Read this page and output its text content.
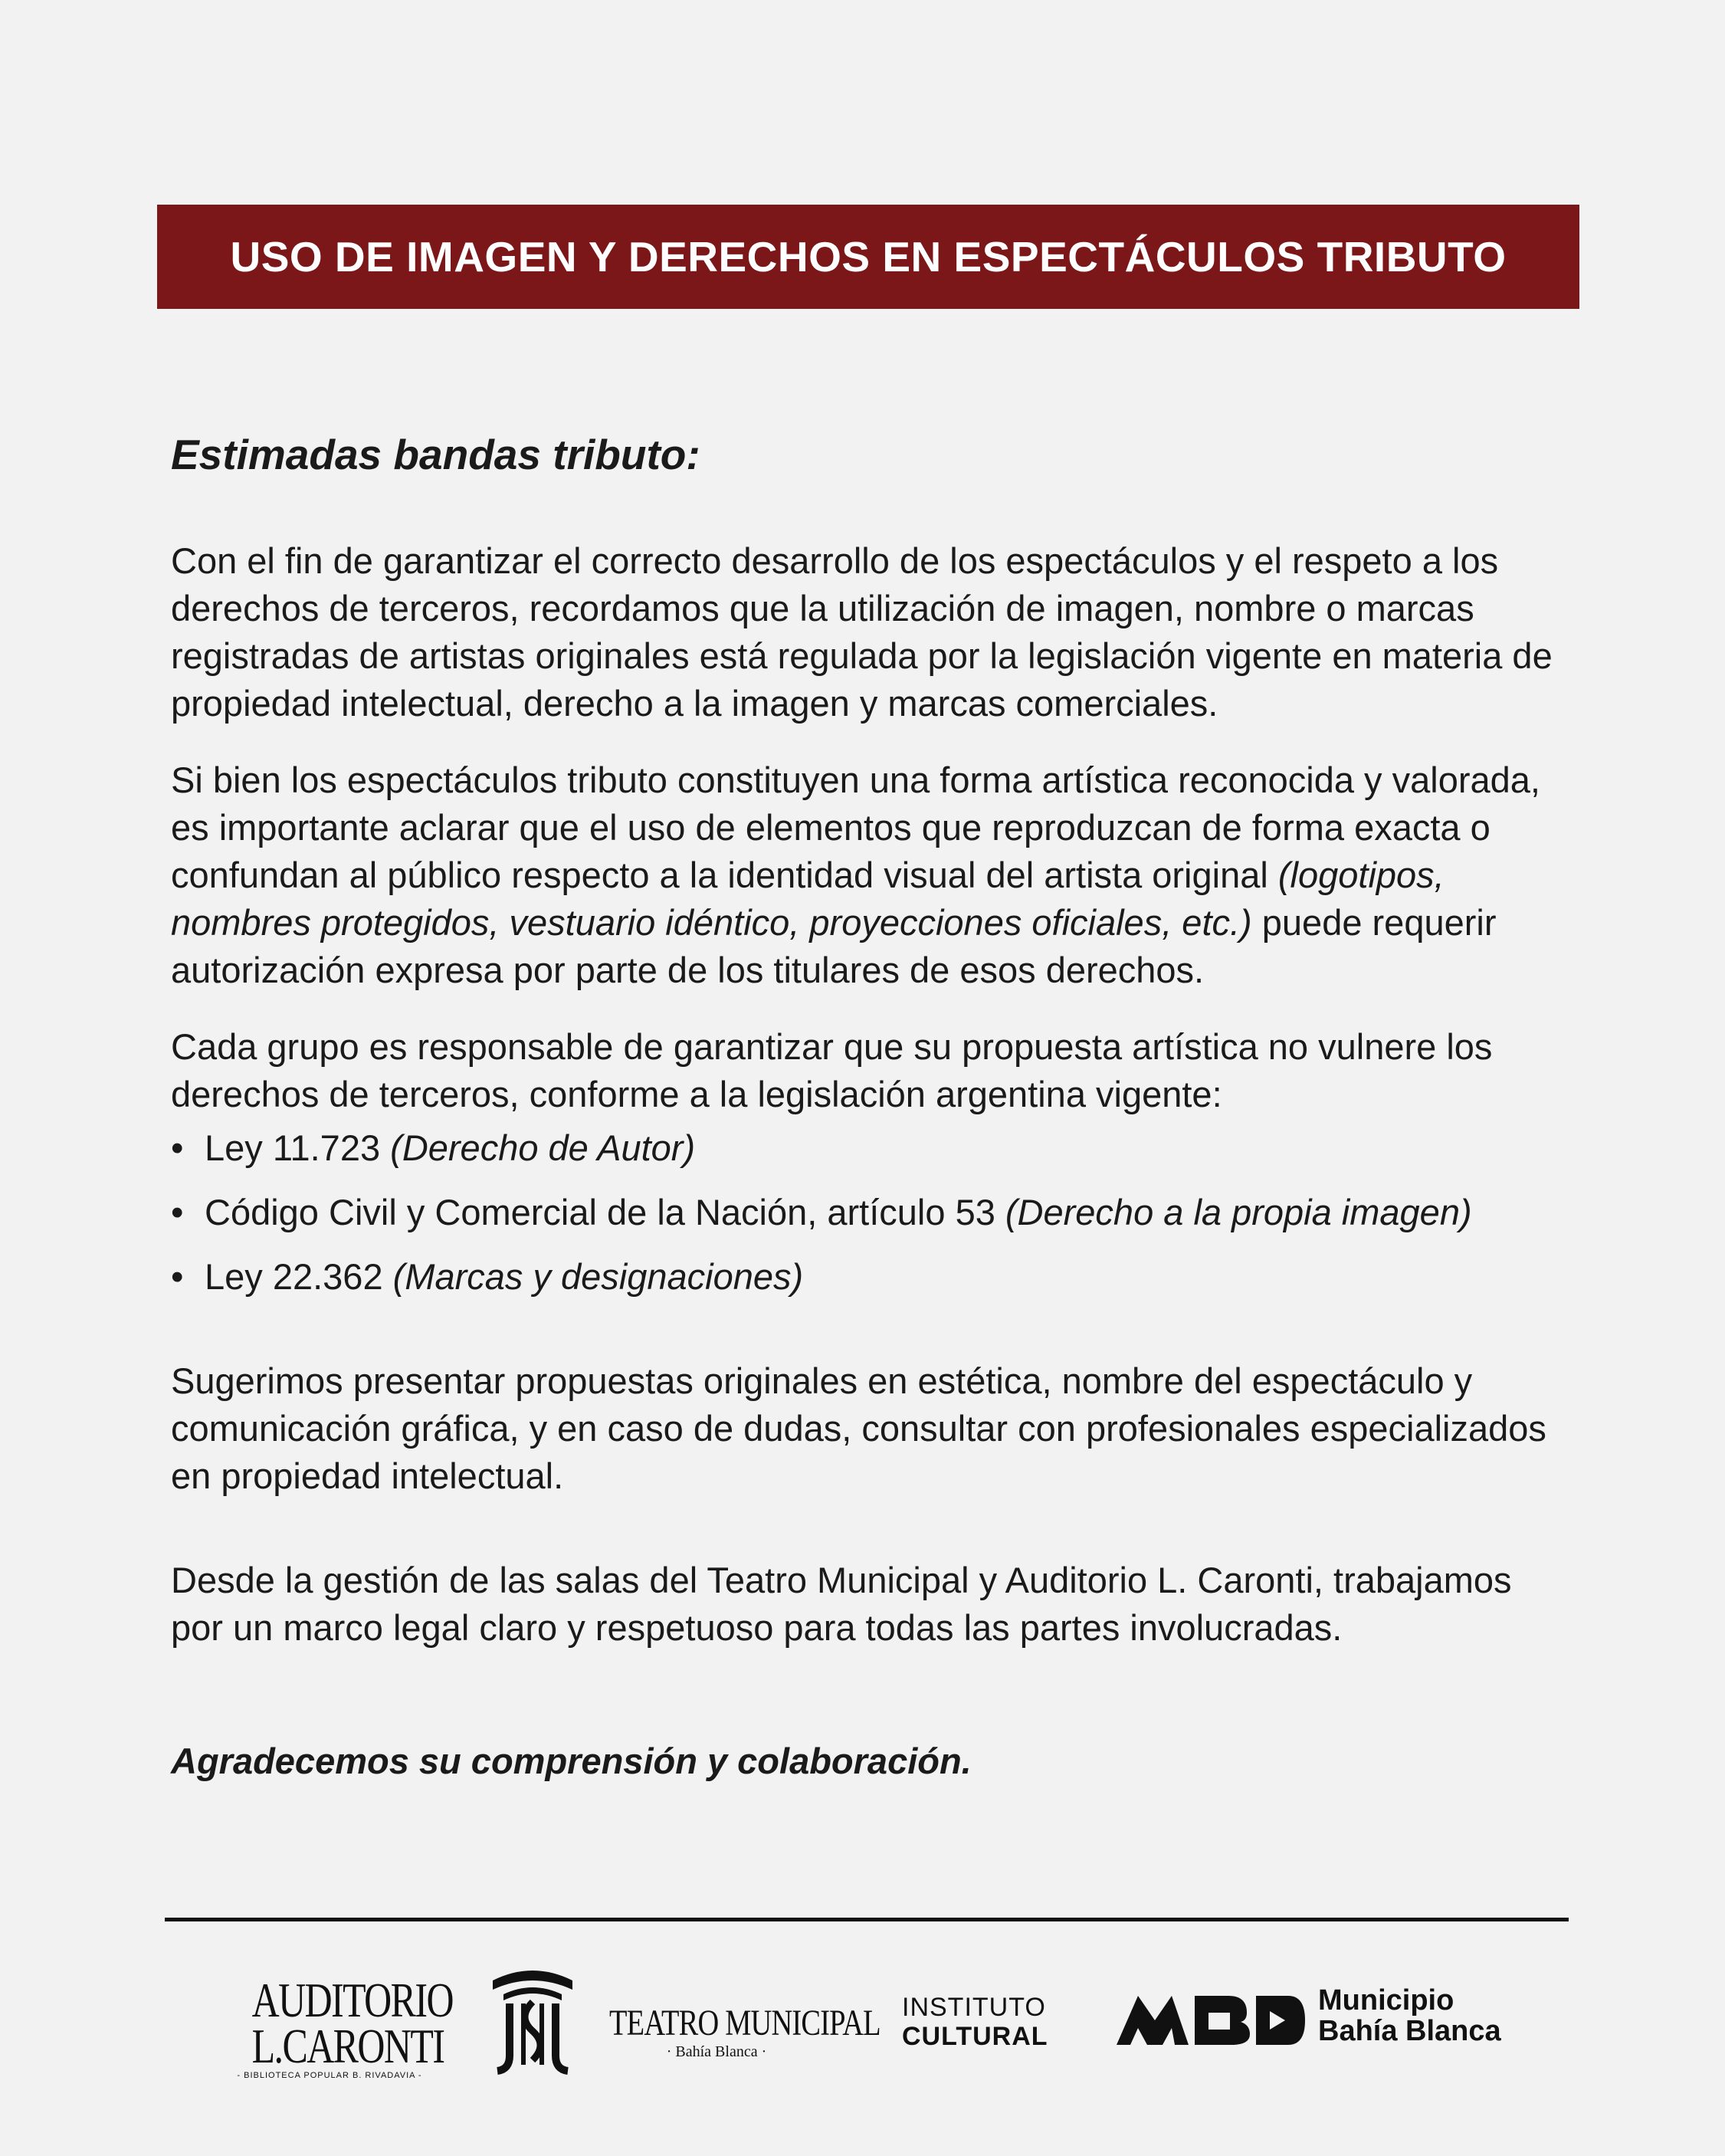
USO DE IMAGEN Y DERECHOS EN ESPECTÁCULOS TRIBUTO

Estimadas bandas tributo:

Con el fin de garantizar el correcto desarrollo de los espectáculos y el respeto a los derechos de terceros, recordamos que la utilización de imagen, nombre o marcas registradas de artistas originales está regulada por la legislación vigente en materia de propiedad intelectual, derecho a la imagen y marcas comerciales.

Si bien los espectáculos tributo constituyen una forma artística reconocida y valorada, es importante aclarar que el uso de elementos que reproduzcan de forma exacta o confundan al público respecto a la identidad visual del artista original (logotipos, nombres protegidos, vestuario idéntico, proyecciones oficiales, etc.) puede requerir autorización expresa por parte de los titulares de esos derechos.

Cada grupo es responsable de garantizar que su propuesta artística no vulnere los derechos de terceros, conforme a la legislación argentina vigente:

• Ley 11.723 (Derecho de Autor)
• Código Civil y Comercial de la Nación, artículo 53 (Derecho a la propia imagen)
• Ley 22.362 (Marcas y designaciones)

Sugerimos presentar propuestas originales en estética, nombre del espectáculo y comunicación gráfica, y en caso de dudas, consultar con profesionales especializados en propiedad intelectual.

Desde la gestión de las salas del Teatro Municipal y Auditorio L. Caronti, trabajamos por un marco legal claro y respetuoso para todas las partes involucradas.

Agradecemos su comprensión y colaboración.

AUDITORIO
L.CARONTI
- BIBLIOTECA POPULAR B. RIVADAVIA -
TEATRO MUNICIPAL
· Bahía Blanca ·
INSTITUTO
CULTURAL
Municipio
Bahía Blanca
